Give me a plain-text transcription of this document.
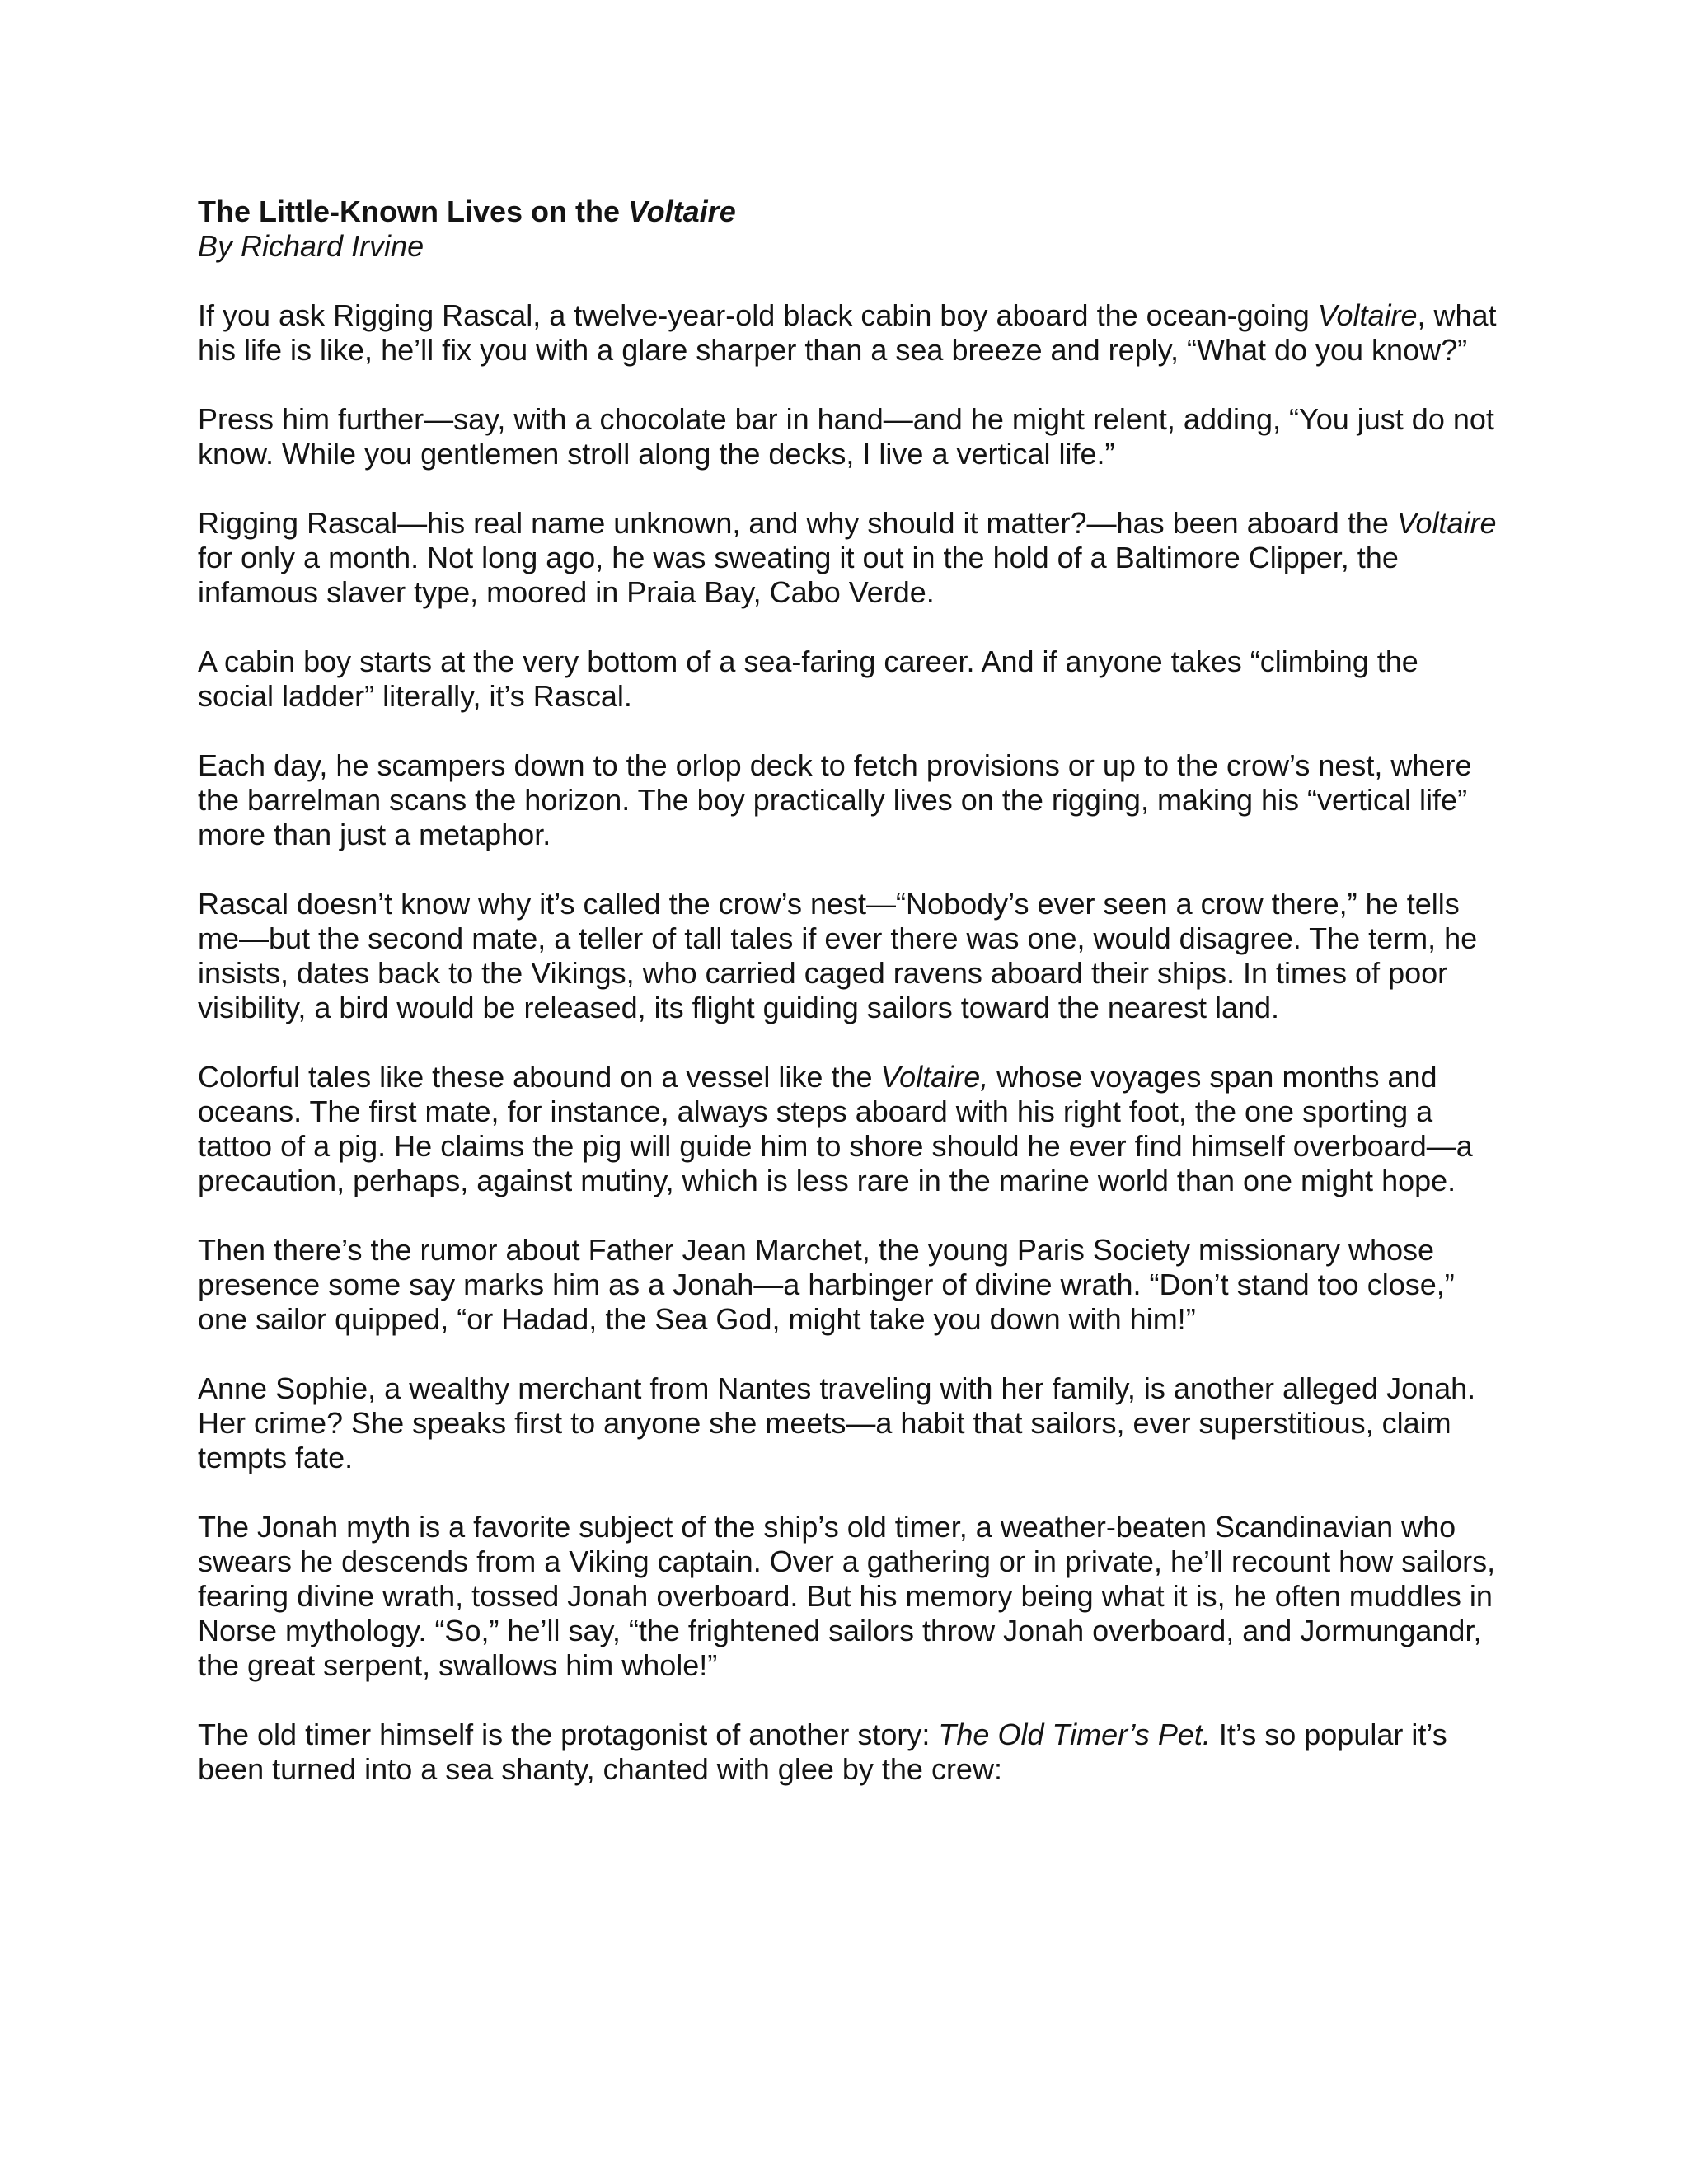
The Little-Known Lives on the Voltaire

By Richard Irvine

If you ask Rigging Rascal, a twelve-year-old black cabin boy aboard the ocean-going Voltaire, what his life is like, he’ll fix you with a glare sharper than a sea breeze and reply, “What do you know?”

Press him further—say, with a chocolate bar in hand—and he might relent, adding, “You just do not know. While you gentlemen stroll along the decks, I live a vertical life.”

Rigging Rascal—his real name unknown, and why should it matter?—has been aboard the Voltaire for only a month. Not long ago, he was sweating it out in the hold of a Baltimore Clipper, the infamous slaver type, moored in Praia Bay, Cabo Verde.

A cabin boy starts at the very bottom of a sea-faring career. And if anyone takes “climbing the social ladder” literally, it’s Rascal.

Each day, he scampers down to the orlop deck to fetch provisions or up to the crow’s nest, where the barrelman scans the horizon. The boy practically lives on the rigging, making his “vertical life” more than just a metaphor.

Rascal doesn’t know why it’s called the crow’s nest—“Nobody’s ever seen a crow there,” he tells me—but the second mate, a teller of tall tales if ever there was one, would disagree. The term, he insists, dates back to the Vikings, who carried caged ravens aboard their ships. In times of poor visibility, a bird would be released, its flight guiding sailors toward the nearest land.

Colorful tales like these abound on a vessel like the Voltaire, whose voyages span months and oceans. The first mate, for instance, always steps aboard with his right foot, the one sporting a tattoo of a pig. He claims the pig will guide him to shore should he ever find himself overboard—a precaution, perhaps, against mutiny, which is less rare in the marine world than one might hope.

Then there’s the rumor about Father Jean Marchet, the young Paris Society missionary whose presence some say marks him as a Jonah—a harbinger of divine wrath. “Don’t stand too close,” one sailor quipped, “or Hadad, the Sea God, might take you down with him!”

Anne Sophie, a wealthy merchant from Nantes traveling with her family, is another alleged Jonah. Her crime? She speaks first to anyone she meets—a habit that sailors, ever superstitious, claim tempts fate.

The Jonah myth is a favorite subject of the ship’s old timer, a weather-beaten Scandinavian who swears he descends from a Viking captain. Over a gathering or in private, he’ll recount how sailors, fearing divine wrath, tossed Jonah overboard. But his memory being what it is, he often muddles in Norse mythology. “So,” he’ll say, “the frightened sailors throw Jonah overboard, and Jormungandr, the great serpent, swallows him whole!”

The old timer himself is the protagonist of another story: The Old Timer’s Pet. It’s so popular it’s been turned into a sea shanty, chanted with glee by the crew:
